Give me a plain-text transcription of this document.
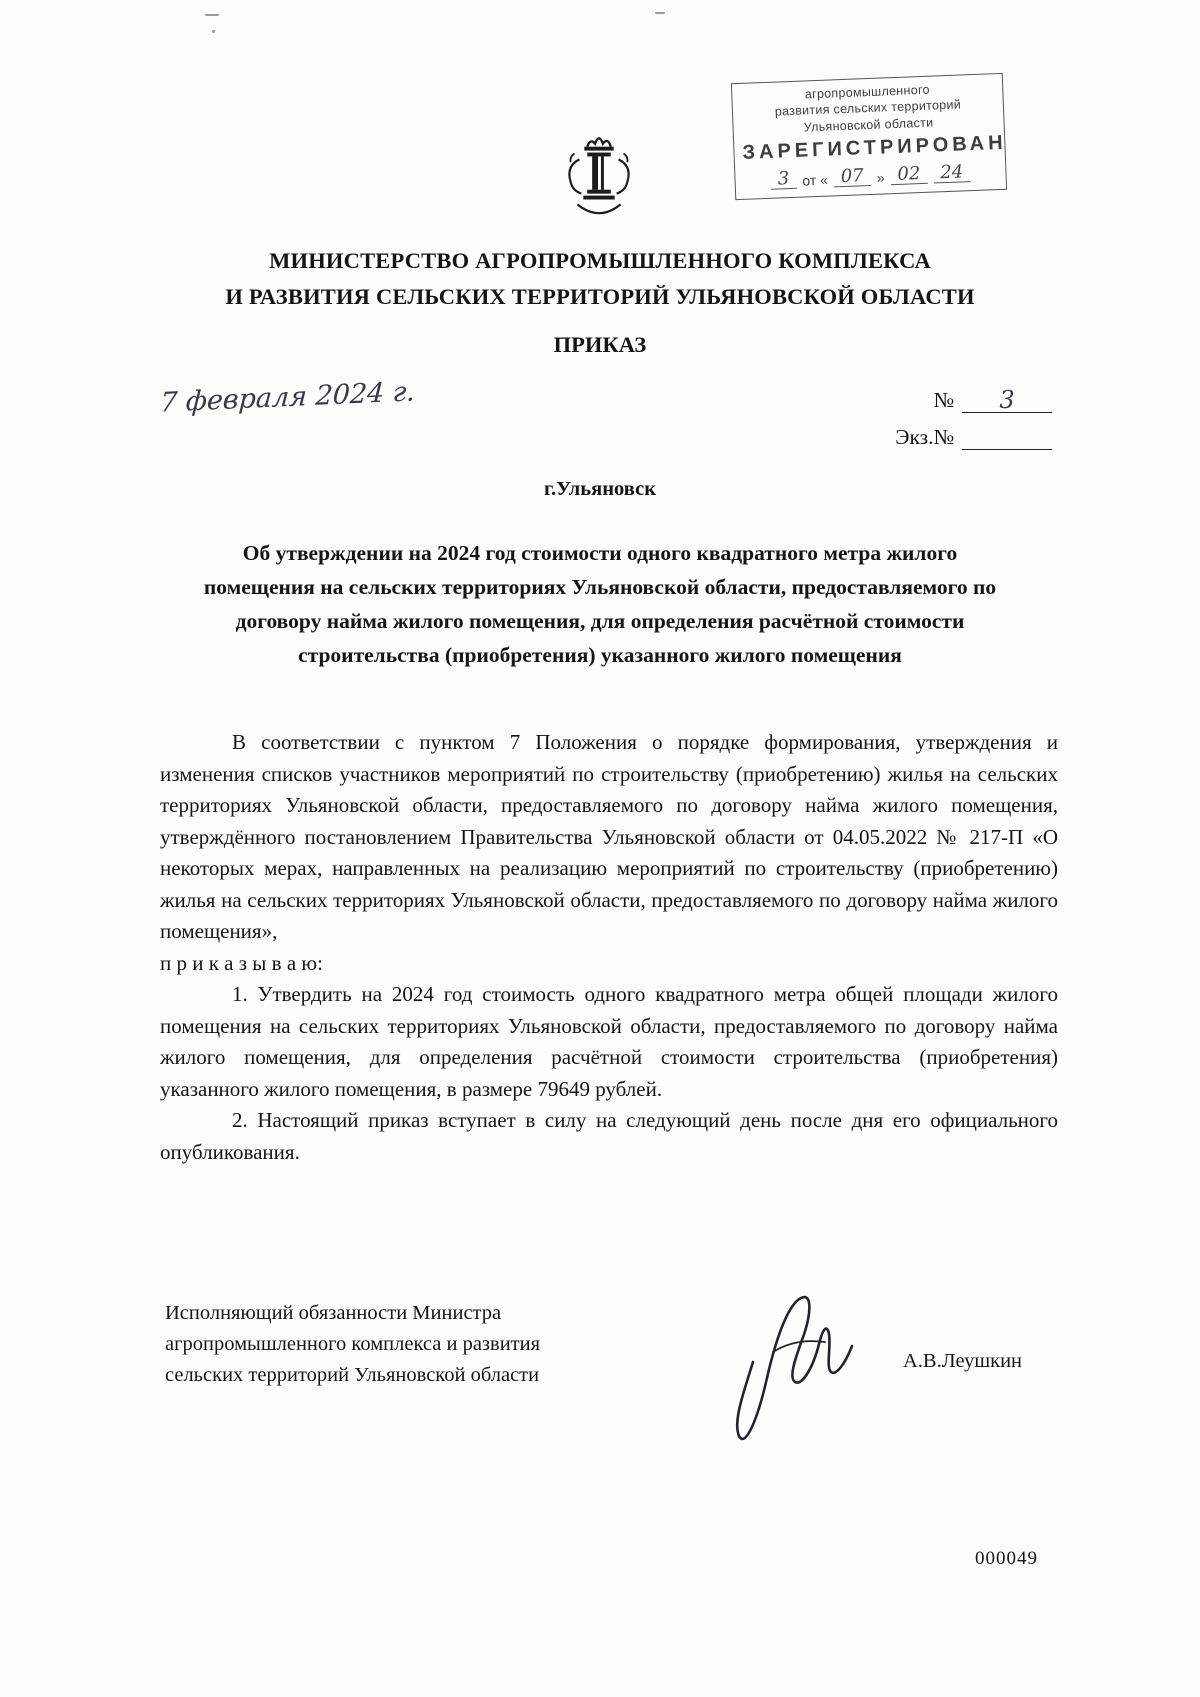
агропромышленного
развития сельских территорий
Ульяновской области
ЗАРЕГИСТРИРОВАН
3 от « 07 » 02	24
МИНИСТЕРСТВО АГРОПРОМЫШЛЕННОГО КОМПЛЕКСА
И РАЗВИТИЯ СЕЛЬСКИХ ТЕРРИТОРИЙ УЛЬЯНОВСКОЙ ОБЛАСТИ
ПРИКАЗ
7 февраля 2024 г.	№ 3
Экз.№
г.Ульяновск
Об утверждении на 2024 год стоимости одного квадратного метра жилого помещения на сельских территориях Ульяновской области, предоставляемого по договору найма жилого помещения, для определения расчётной стоимости строительства (приобретения) указанного жилого помещения

В соответствии с пунктом 7 Положения о порядке формирования, утверждения и изменения списков участников мероприятий по строительству (приобретению) жилья на сельских территориях Ульяновской области, предоставляемого по договору найма жилого помещения, утверждённого постановлением Правительства Ульяновской области от 04.05.2022 № 217-П «О некоторых мерах, направленных на реализацию мероприятий по строительству (приобретению) жилья на сельских территориях Ульяновской области, предоставляемого по договору найма жилого помещения»,

п р и к а з ы в а ю:

1. Утвердить на 2024 год стоимость одного квадратного метра общей площади жилого помещения на сельских территориях Ульяновской области, предоставляемого по договору найма жилого помещения, для определения расчётной стоимости строительства (приобретения) указанного жилого помещения, в размере 79649 рублей.

2. Настоящий приказ вступает в силу на следующий день после дня его официального опубликования.

Исполняющий обязанности Министра
агропромышленного комплекса и развития
сельских территорий Ульяновской области
А.В.Леушкин
000049
